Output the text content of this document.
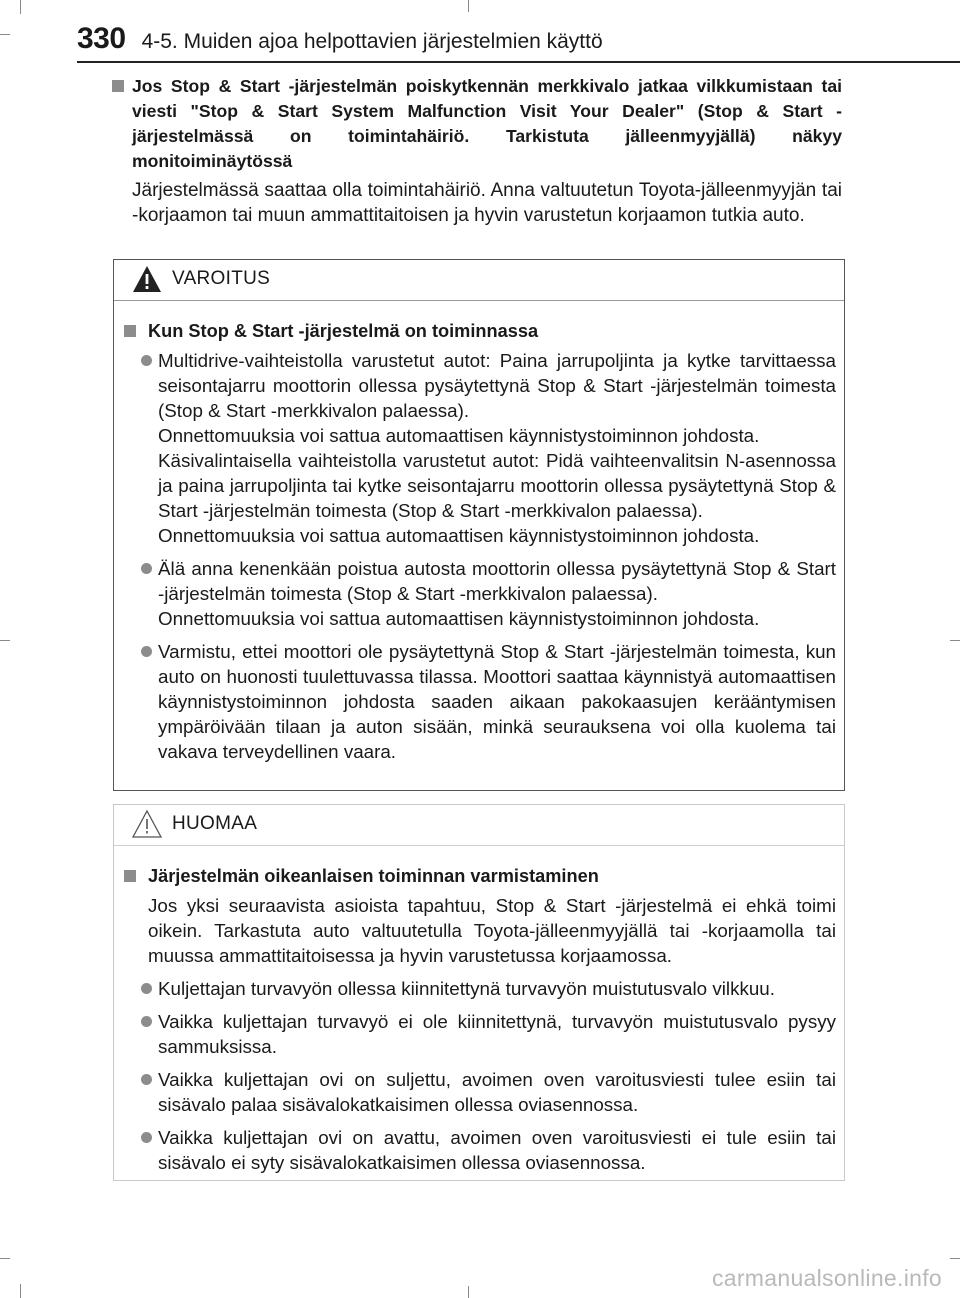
330 4-5. Muiden ajoa helpottavien järjestelmien käyttö
Jos Stop & Start -järjestelmän poiskytkennän merkkivalo jatkaa vilkkumistaan tai viesti "Stop & Start System Malfunction Visit Your Dealer" (Stop & Start -järjestelmässä on toimintahäiriö. Tarkistuta jälleenmyyjällä) näkyy monitoiminäytössä
Järjestelmässä saattaa olla toimintahäiriö. Anna valtuutetun Toyota-jälleenmyyjän tai -korjaamon tai muun ammattitaitoisen ja hyvin varustetun korjaamon tutkia auto.
VAROITUS
Kun Stop & Start -järjestelmä on toiminnassa

Multidrive-vaihteistolla varustetut autot: Paina jarrupoljinta ja kytke tarvittaessa seisontajarru moottorin ollessa pysäytettynä Stop & Start -järjestelmän toimesta (Stop & Start -merkkivalon palaessa).

Onnettomuuksia voi sattua automaattisen käynnistystoiminnon johdosta.

Käsivalintaisella vaihteistolla varustetut autot: Pidä vaihteenvalitsin N-asennossa ja paina jarrupoljinta tai kytke seisontajarru moottorin ollessa pysäytettynä Stop & Start -järjestelmän toimesta (Stop & Start -merkkivalon palaessa).

Onnettomuuksia voi sattua automaattisen käynnistystoiminnon johdosta.

Älä anna kenenkään poistua autosta moottorin ollessa pysäytettynä Stop & Start -järjestelmän toimesta (Stop & Start -merkkivalon palaessa).

Onnettomuuksia voi sattua automaattisen käynnistystoiminnon johdosta.

Varmistu, ettei moottori ole pysäytettynä Stop & Start -järjestelmän toimesta, kun auto on huonosti tuulettuvassa tilassa. Moottori saattaa käynnistyä automaattisen käynnistystoiminnon johdosta saaden aikaan pakokaasujen kerääntymisen ympäröivään tilaan ja auton sisään, minkä seurauksena voi olla kuolema tai vakava terveydellinen vaara.

HUOMAA
Järjestelmän oikeanlaisen toiminnan varmistaminen
Jos yksi seuraavista asioista tapahtuu, Stop & Start -järjestelmä ei ehkä toimi oikein. Tarkastuta auto valtuutetulla Toyota-jälleenmyyjällä tai -korjaamolla tai muussa ammattitaitoisessa ja hyvin varustetussa korjaamossa.

Kuljettajan turvavyön ollessa kiinnitettynä turvavyön muistutusvalo vilkkuu.

Vaikka kuljettajan turvavyö ei ole kiinnitettynä, turvavyön muistutusvalo pysyy sammuksissa.

Vaikka kuljettajan ovi on suljettu, avoimen oven varoitusviesti tulee esiin tai sisävalo palaa sisävalokatkaisimen ollessa oviasennossa.

Vaikka kuljettajan ovi on avattu, avoimen oven varoitusviesti ei tule esiin tai sisävalo ei syty sisävalokatkaisimen ollessa oviasennossa.

carmanualsonline.info
